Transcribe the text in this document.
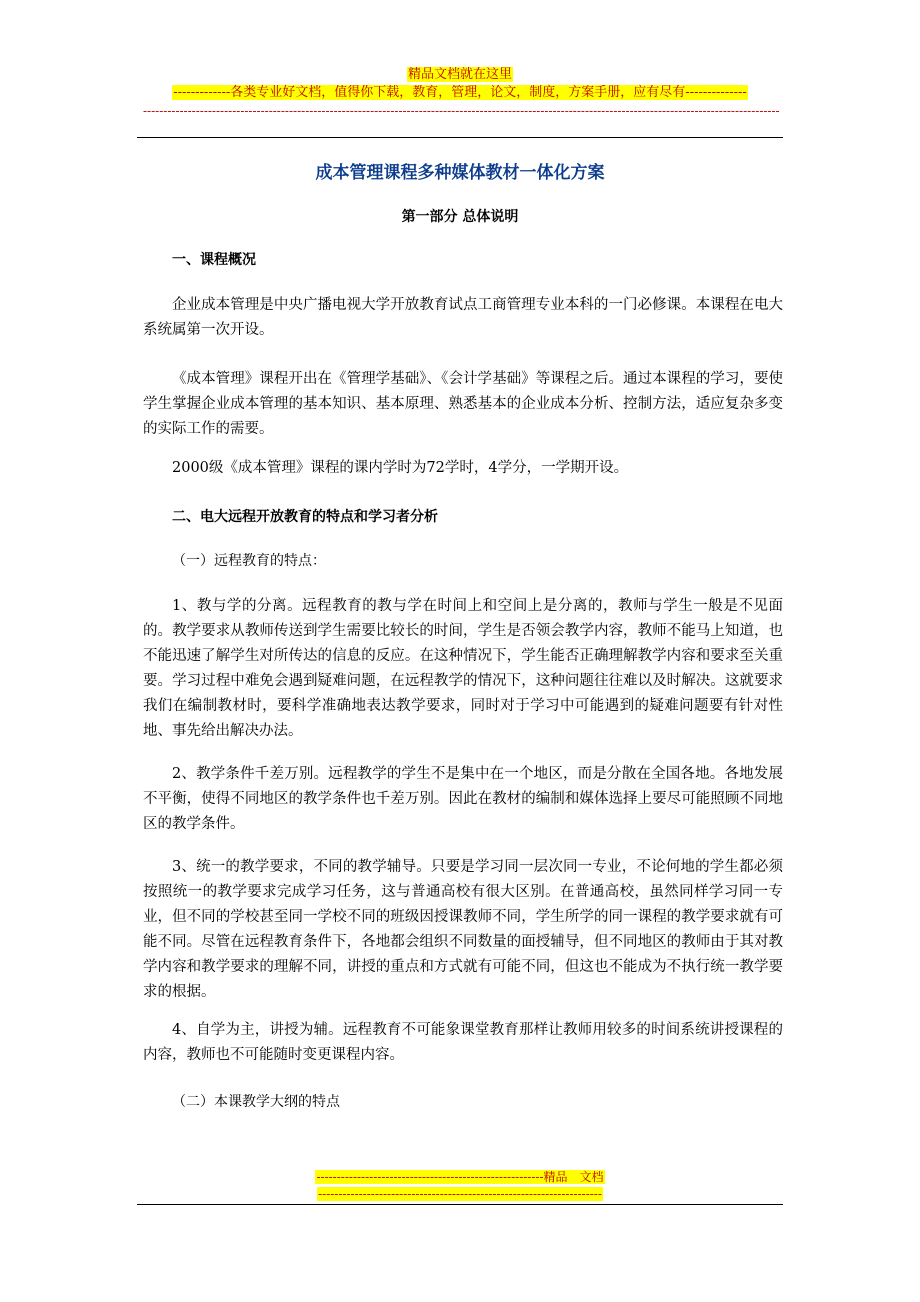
精品文档就在这里
-------------各类专业好文档，值得你下载，教育，管理，论文，制度，方案手册，应有尽有--------------
-------------------------------------------------------------------------------------------------------------------------------------------------------------
成本管理课程多种媒体教材一体化方案
第一部分 总体说明
一、课程概况

企业成本管理是中央广播电视大学开放教育试点工商管理专业本科的一门必修课。本课程在电大系统属第一次开设。

《成本管理》课程开出在《管理学基础》、《会计学基础》等课程之后。通过本课程的学习，要使学生掌握企业成本管理的基本知识、基本原理、熟悉基本的企业成本分析、控制方法，适应复杂多变的实际工作的需要。

2000级《成本管理》课程的课内学时为72学时，4学分，一学期开设。

二、电大远程开放教育的特点和学习者分析
（一）远程教育的特点：

1、教与学的分离。远程教育的教与学在时间上和空间上是分离的，教师与学生一般是不见面的。教学要求从教师传送到学生需要比较长的时间，学生是否领会教学内容，教师不能马上知道，也不能迅速了解学生对所传达的信息的反应。在这种情况下，学生能否正确理解教学内容和要求至关重要。学习过程中难免会遇到疑难问题，在远程教学的情况下，这种问题往往难以及时解决。这就要求我们在编制教材时，要科学准确地表达教学要求，同时对于学习中可能遇到的疑难问题要有针对性地、事先给出解决办法。

2、教学条件千差万别。远程教学的学生不是集中在一个地区，而是分散在全国各地。各地发展不平衡，使得不同地区的教学条件也千差万别。因此在教材的编制和媒体选择上要尽可能照顾不同地区的教学条件。

3、统一的教学要求，不同的教学辅导。只要是学习同一层次同一专业，不论何地的学生都必须按照统一的教学要求完成学习任务，这与普通高校有很大区别。在普通高校，虽然同样学习同一专业，但不同的学校甚至同一学校不同的班级因授课教师不同，学生所学的同一课程的教学要求就有可能不同。尽管在远程教育条件下，各地都会组织不同数量的面授辅导，但不同地区的教师由于其对教学内容和教学要求的理解不同，讲授的重点和方式就有可能不同，但这也不能成为不执行统一教学要求的根据。

4、自学为主，讲授为辅。远程教育不可能象课堂教育那样让教师用较多的时间系统讲授课程的内容，教师也不可能随时变更课程内容。

（二）本课教学大纲的特点
--------------------------------------------------------精品　文档
----------------------------------------------------------------------
